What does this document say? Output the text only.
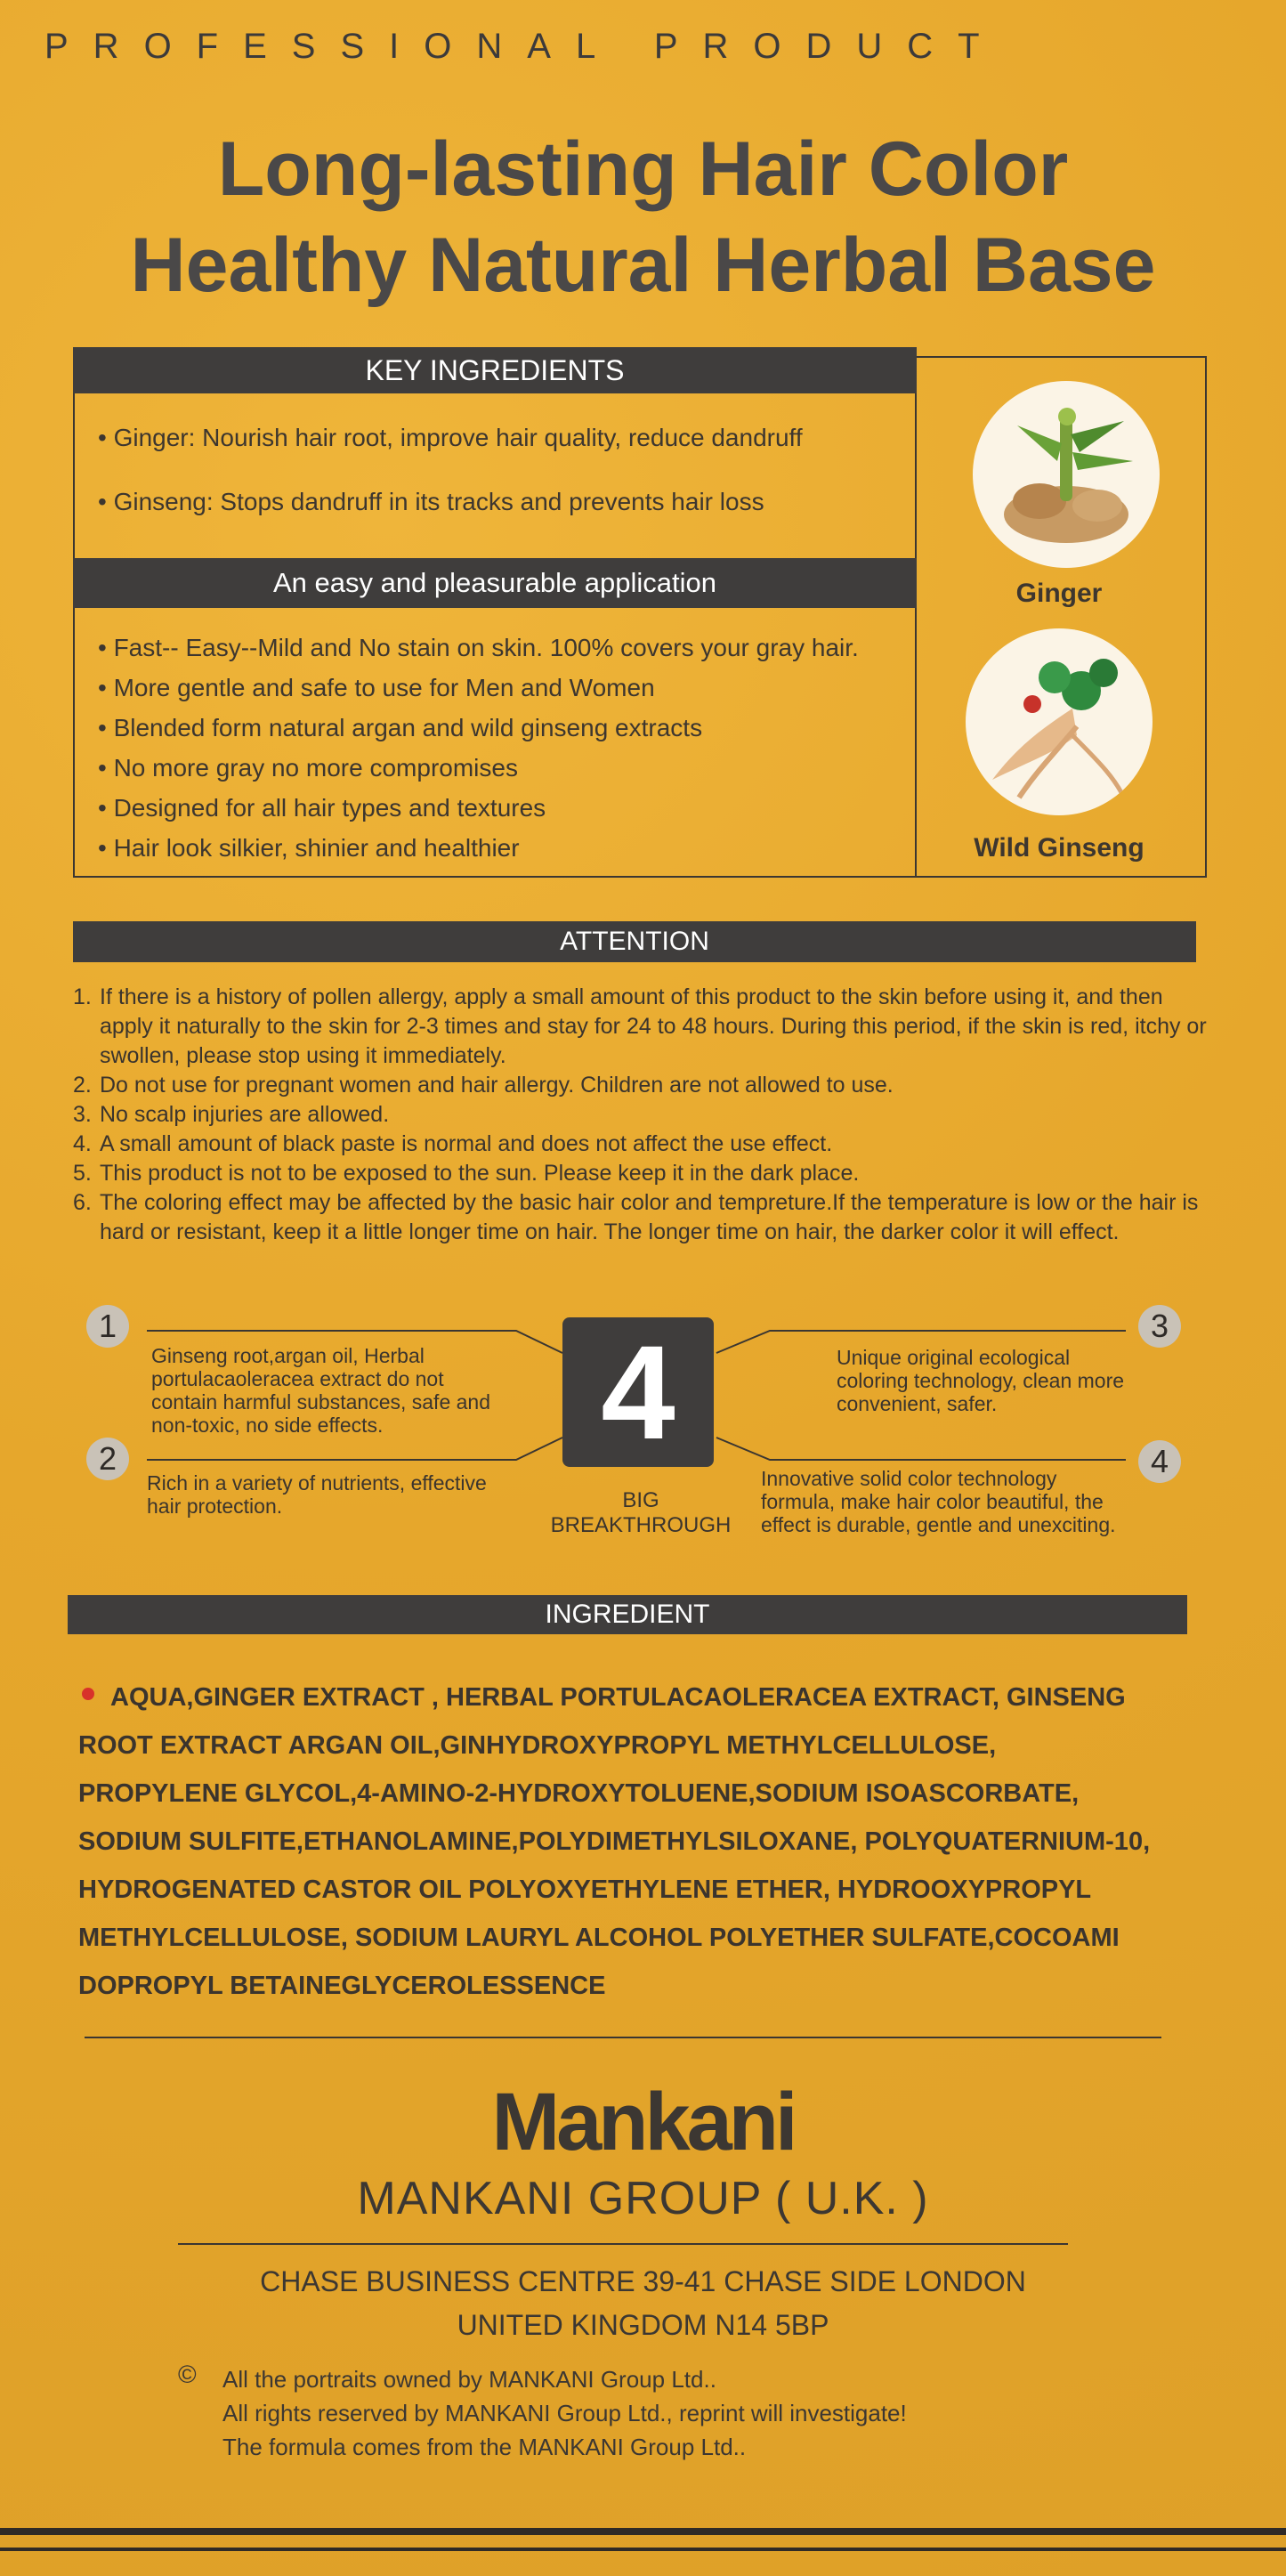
PROFESSIONAL PRODUCT
Long-lasting Hair Color
Healthy Natural Herbal Base
KEY INGREDIENTS
• Ginger: Nourish hair root, improve hair quality, reduce dandruff
• Ginseng: Stops dandruff in its tracks and prevents hair loss
An easy and pleasurable application
• Fast-- Easy--Mild and No stain on skin. 100% covers your gray hair.
• More gentle and safe to use for Men and Women
• Blended form natural argan and wild ginseng extracts
• No more gray no more compromises
• Designed for all hair types and textures
• Hair look silkier, shinier and healthier
Ginger
Wild Ginseng
ATTENTION
1. If there is a history of pollen allergy, apply a small amount of this product to the skin before using it, and then apply it naturally to the skin for 2-3 times and stay for 24 to 48 hours. During this period, if the skin is red, itchy or swollen, please stop using it immediately.
2. Do not use for pregnant women and hair allergy. Children are not allowed to use.
3. No scalp injuries are allowed.
4. A small amount of black paste is normal and does not affect the use effect.
5. This product is not to be exposed to the sun. Please keep it in the dark place.
6. The coloring effect may be affected by the basic hair color and tempreture.If the temperature is low or the hair is hard or resistant, keep it a little longer time on hair. The longer time on hair, the darker color it will effect.
1
2
3
4
Ginseng root,argan oil, Herbal portulacaoleracea extract do not contain harmful substances, safe and non-toxic, no side effects.
Rich in a variety of nutrients, effective hair protection.
Unique original ecological coloring technology, clean more convenient, safer.
Innovative solid color technology formula, make hair color beautiful, the effect is durable, gentle and unexciting.
4
BIG
BREAKTHROUGH
INGREDIENT
AQUA,GINGER EXTRACT , HERBAL PORTULACAOLERACEA EXTRACT, GINSENG
ROOT EXTRACT ARGAN OIL,GINHYDROXYPROPYL METHYLCELLULOSE,
PROPYLENE GLYCOL,4-AMINO-2-HYDROXYTOLUENE,SODIUM ISOASCORBATE,
SODIUM SULFITE,ETHANOLAMINE,POLYDIMETHYLSILOXANE, POLYQUATERNIUM-10,
HYDROGENATED CASTOR OIL POLYOXYETHYLENE ETHER, HYDROOXYPROPYL
METHYLCELLULOSE, SODIUM LAURYL ALCOHOL POLYETHER SULFATE,COCOAMI
DOPROPYL BETAINEGLYCEROLESSENCE
Mankani
MANKANI GROUP ( U.K. )
CHASE BUSINESS CENTRE 39-41 CHASE SIDE LONDON
UNITED KINGDOM N14 5BP
© All the portraits owned by MANKANI Group Ltd..
All rights reserved by MANKANI Group Ltd., reprint will investigate!
The formula comes from the MANKANI Group Ltd..
